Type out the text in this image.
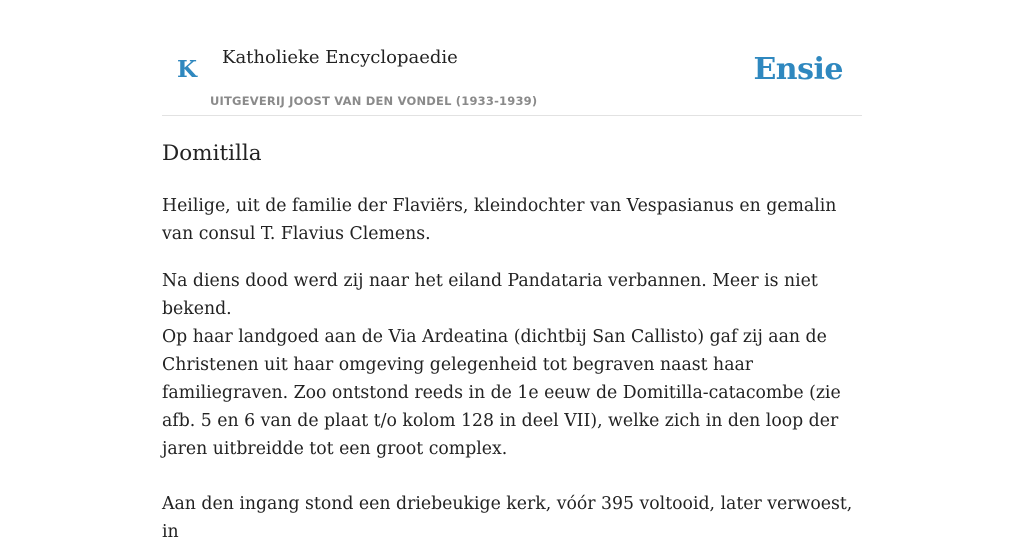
K Katholieke Encyclopaedie
UITGEVERIJ JOOST VAN DEN VONDEL (1933-1939)
Ensie
Domitilla

Heilige, uit de familie der Flaviërs, kleindochter van Vespasianus en gemalin van consul T. Flavius Clemens.

Na diens dood werd zij naar het eiland Pandataria verbannen. Meer is niet bekend.

Op haar landgoed aan de Via Ardeatina (dichtbij San Callisto) gaf zij aan de Christenen uit haar omgeving gelegenheid tot begraven naast haar familiegraven. Zoo ontstond reeds in de 1e eeuw de Domitilla-catacombe (zie afb. 5 en 6 van de plaat t/o kolom 128 in deel VII), welke zich in den loop der jaren uitbreidde tot een groot complex.

Aan den ingang stond een driebeukige kerk, vóór 395 voltooid, later verwoest, in
